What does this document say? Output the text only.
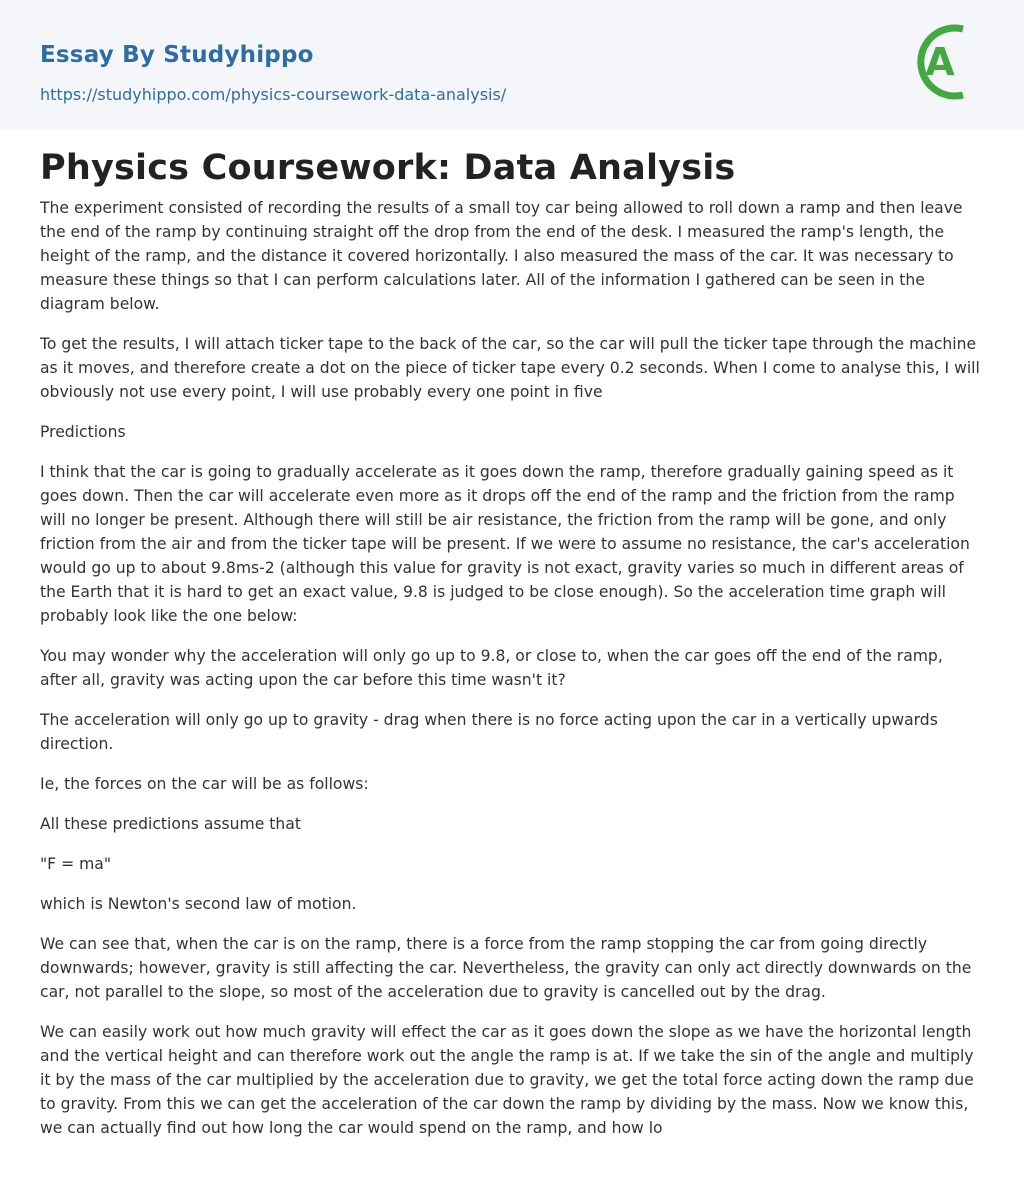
Essay By Studyhippo
https://studyhippo.com/physics-coursework-data-analysis/
A
Physics Coursework: Data Analysis

The experiment consisted of recording the results of a small toy car being allowed to roll down a ramp and then leave the end of the ramp by continuing straight off the drop from the end of the desk. I measured the ramp's length, the height of the ramp, and the distance it covered horizontally. I also measured the mass of the car. It was necessary to measure these things so that I can perform calculations later. All of the information I gathered can be seen in the diagram below.

To get the results, I will attach ticker tape to the back of the car, so the car will pull the ticker tape through the machine as it moves, and therefore create a dot on the piece of ticker tape every 0.2 seconds. When I come to analyse this, I will obviously not use every point, I will use probably every one point in five

Predictions

I think that the car is going to gradually accelerate as it goes down the ramp, therefore gradually gaining speed as it goes down. Then the car will accelerate even more as it drops off the end of the ramp and the friction from the ramp will no longer be present. Although there will still be air resistance, the friction from the ramp will be gone, and only friction from the air and from the ticker tape will be present. If we were to assume no resistance, the car's acceleration would go up to about 9.8ms-2 (although this value for gravity is not exact, gravity varies so much in different areas of the Earth that it is hard to get an exact value, 9.8 is judged to be close enough). So the acceleration time graph will probably look like the one below:

You may wonder why the acceleration will only go up to 9.8, or close to, when the car goes off the end of the ramp, after all, gravity was acting upon the car before this time wasn't it?

The acceleration will only go up to gravity - drag when there is no force acting upon the car in a vertically upwards direction.

Ie, the forces on the car will be as follows:

All these predictions assume that

"F = ma"

which is Newton's second law of motion.

We can see that, when the car is on the ramp, there is a force from the ramp stopping the car from going directly downwards; however, gravity is still affecting the car. Nevertheless, the gravity can only act directly downwards on the car, not parallel to the slope, so most of the acceleration due to gravity is cancelled out by the drag.

We can easily work out how much gravity will effect the car as it goes down the slope as we have the horizontal length and the vertical height and can therefore work out the angle the ramp is at. If we take the sin of the angle and multiply it by the mass of the car multiplied by the acceleration due to gravity, we get the total force acting down the ramp due to gravity. From this we can get the acceleration of the car down the ramp by dividing by the mass. Now we know this, we can actually find out how long the car would spend on the ramp, and how lo
